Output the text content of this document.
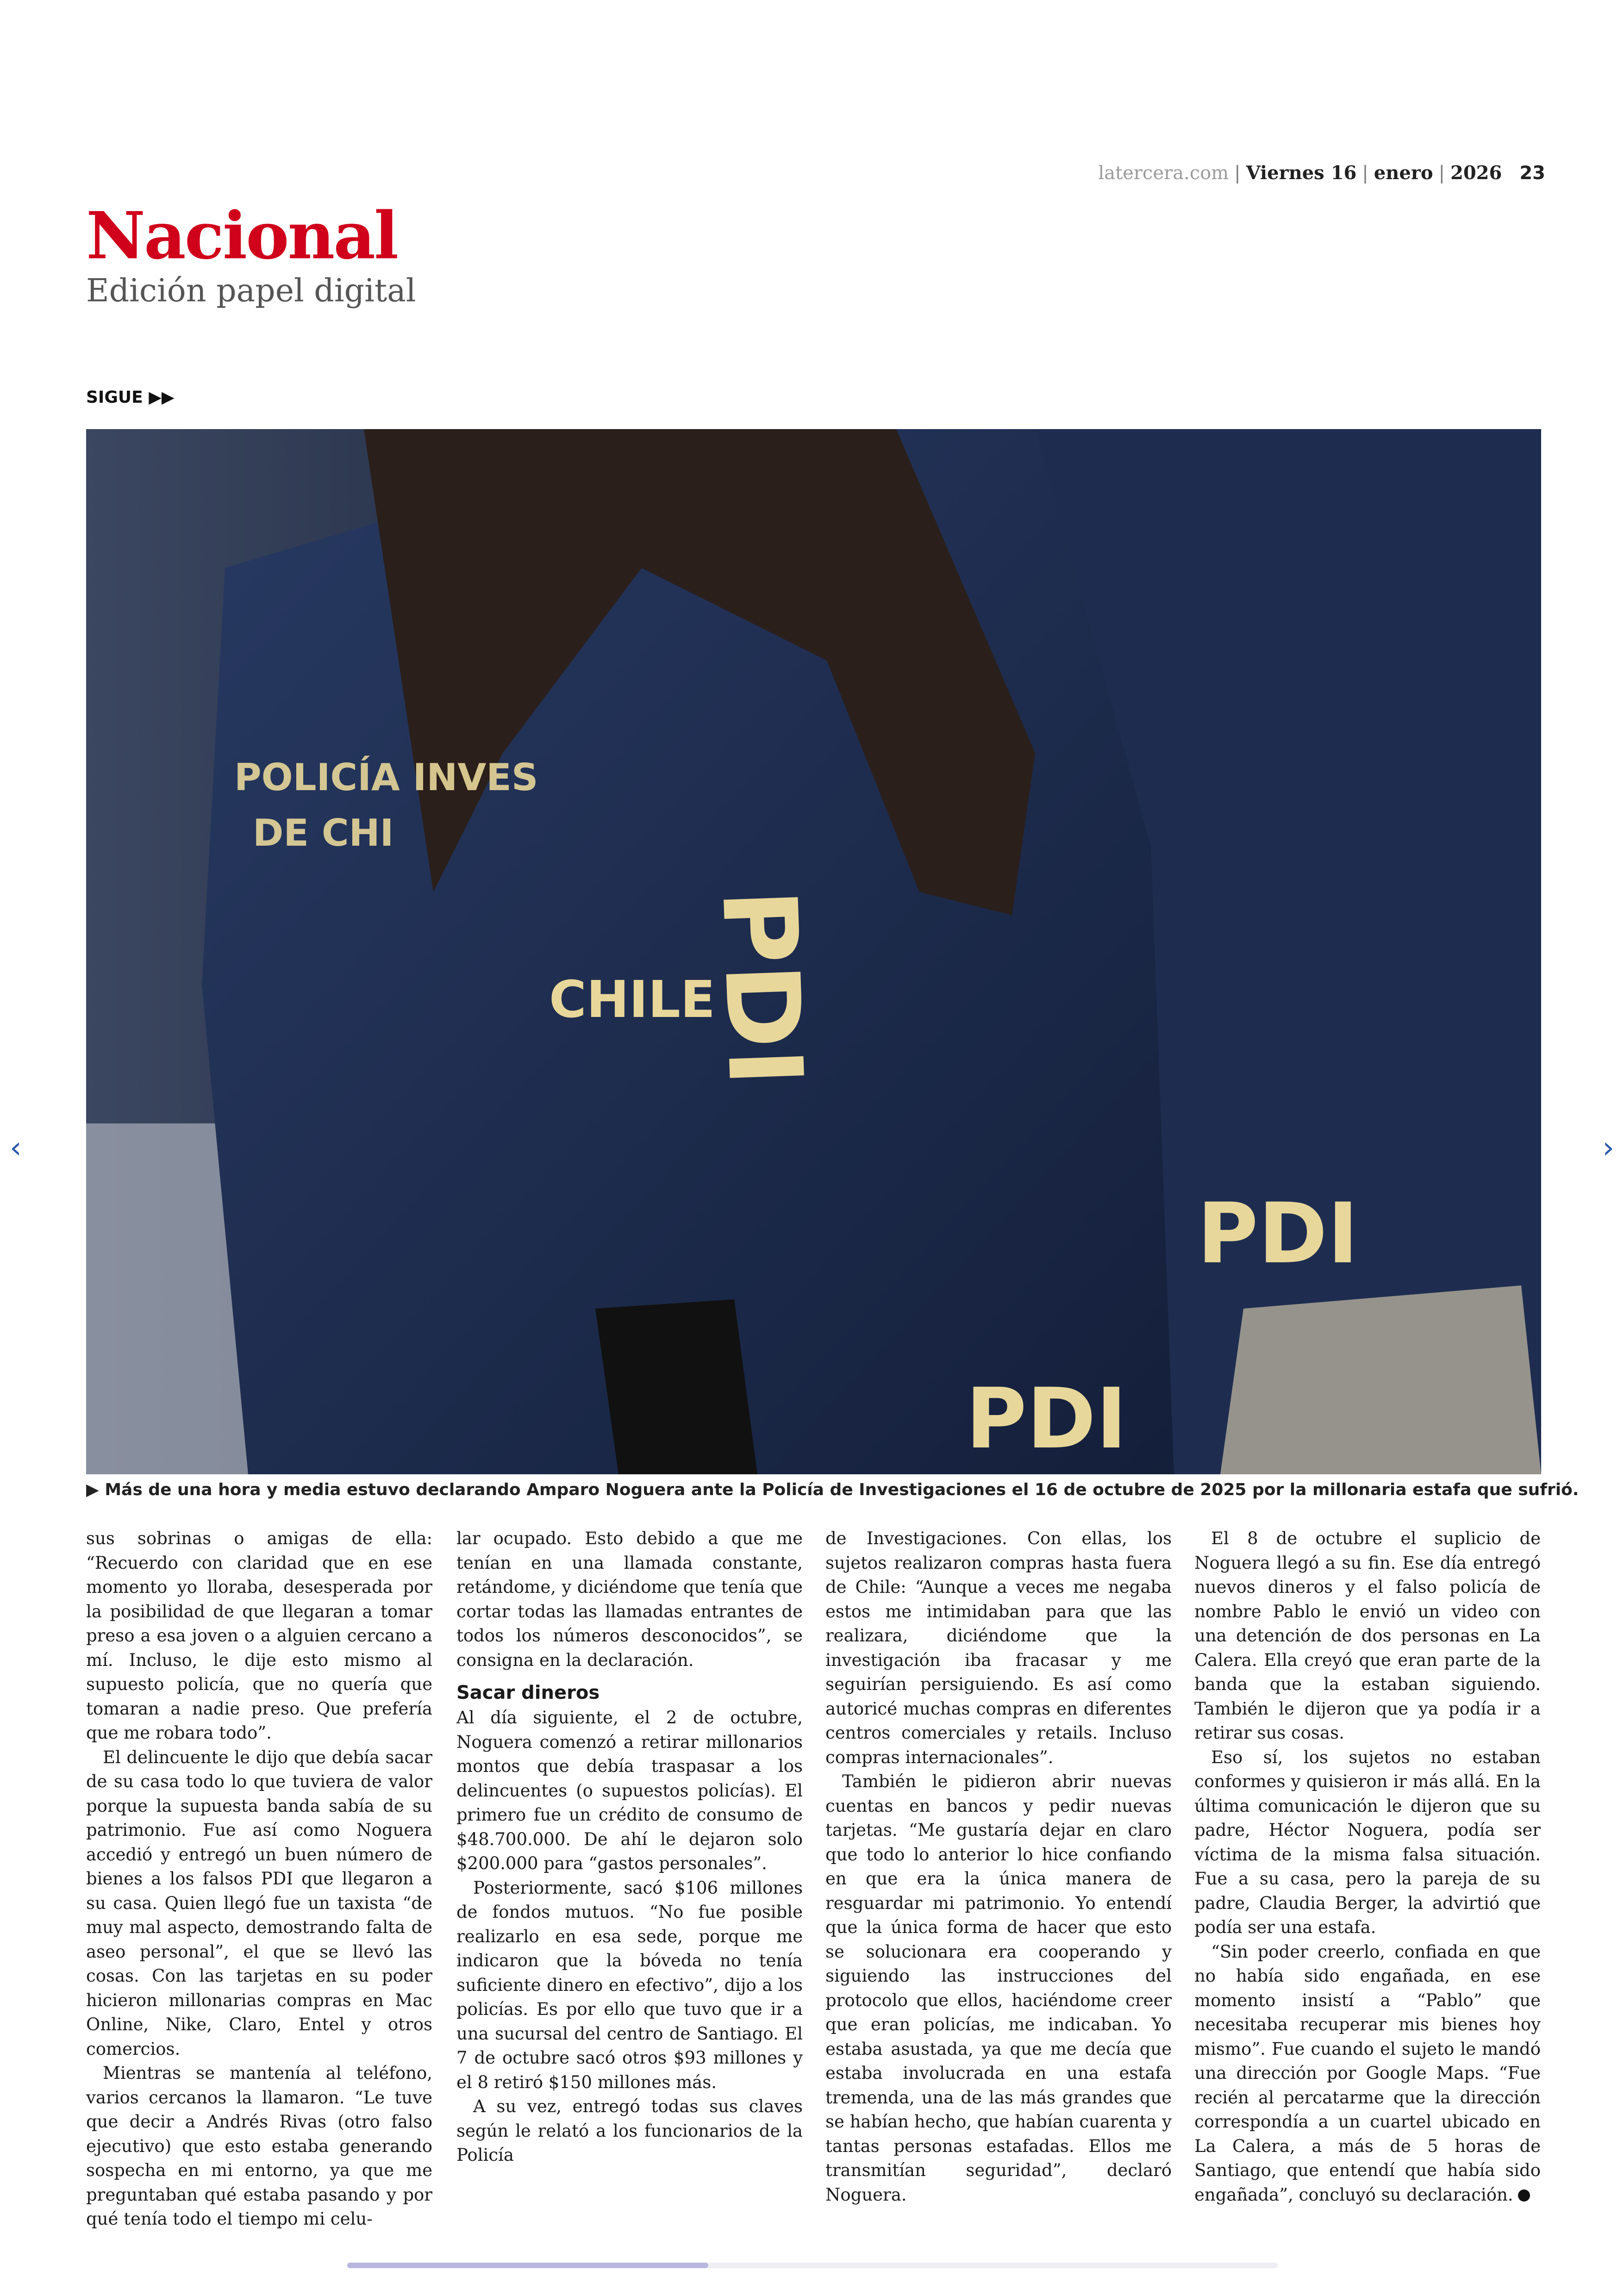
latercera.com | Viernes 16 | enero | 2026 23
Nacional
Edición papel digital
SIGUE ▶▶
PDI
CHILE
PDI
PDI
POLICÍA INVES
DE CHI
▶ Más de una hora y media estuvo declarando Amparo Noguera ante la Policía de Investigaciones el 16 de octubre de 2025 por la millonaria estafa que sufrió.
‹	›

sus sobrinas o amigas de ella: “Recuerdo con claridad que en ese momento yo lloraba, desesperada por la posibilidad de que llegaran a tomar preso a esa joven o a alguien cercano a mí. Incluso, le dije esto mismo al supuesto policía, que no quería que tomaran a nadie preso. Que prefería que me robara todo”.

El delincuente le dijo que debía sacar de su casa todo lo que tuviera de valor porque la supuesta banda sabía de su patrimonio. Fue así como Noguera accedió y entregó un buen número de bienes a los falsos PDI que llegaron a su casa. Quien llegó fue un taxista “de muy mal aspecto, demostrando falta de aseo personal”, el que se llevó las cosas. Con las tarjetas en su poder hicieron millonarias compras en Mac Online, Nike, Claro, Entel y otros comercios.

Mientras se mantenía al teléfono, varios cercanos la llamaron. “Le tuve que decir a Andrés Rivas (otro falso ejecutivo) que esto estaba generando sospecha en mi entorno, ya que me preguntaban qué estaba pasando y por qué tenía todo el tiempo mi celu-

lar ocupado. Esto debido a que me tenían en una llamada constante, retándome, y diciéndome que tenía que cortar todas las llamadas entrantes de todos los números desconocidos”, se consigna en la declaración.

Sacar dineros

Al día siguiente, el 2 de octubre, Noguera comenzó a retirar millonarios montos que debía traspasar a los delincuentes (o supuestos policías). El primero fue un crédito de consumo de $48.700.000. De ahí le dejaron solo $200.000 para “gastos personales”.

Posteriormente, sacó $106 millones de fondos mutuos. “No fue posible realizarlo en esa sede, porque me indicaron que la bóveda no tenía suficiente dinero en efectivo”, dijo a los policías. Es por ello que tuvo que ir a una sucursal del centro de Santiago. El 7 de octubre sacó otros $93 millones y el 8 retiró $150 millones más.

A su vez, entregó todas sus claves según le relató a los funcionarios de la Policía

de Investigaciones. Con ellas, los sujetos realizaron compras hasta fuera de Chile: “Aunque a veces me negaba estos me intimidaban para que las realizara, diciéndome que la investigación iba fracasar y me seguirían persiguiendo. Es así como autoricé muchas compras en diferentes centros comerciales y retails. Incluso compras internacionales”.

También le pidieron abrir nuevas cuentas en bancos y pedir nuevas tarjetas. “Me gustaría dejar en claro que todo lo anterior lo hice confiando en que era la única manera de resguardar mi patrimonio. Yo entendí que la única forma de hacer que esto se solucionara era cooperando y siguiendo las instrucciones del protocolo que ellos, haciéndome creer que eran policías, me indicaban. Yo estaba asustada, ya que me decía que estaba involucrada en una estafa tremenda, una de las más grandes que se habían hecho, que habían cuarenta y tantas personas estafadas. Ellos me transmitían seguridad”, declaró Noguera.

El 8 de octubre el suplicio de Noguera llegó a su fin. Ese día entregó nuevos dineros y el falso policía de nombre Pablo le envió un video con una detención de dos personas en La Calera. Ella creyó que eran parte de la banda que la estaban siguiendo. También le dijeron que ya podía ir a retirar sus cosas.

Eso sí, los sujetos no estaban conformes y quisieron ir más allá. En la última comunicación le dijeron que su padre, Héctor Noguera, podía ser víctima de la misma falsa situación. Fue a su casa, pero la pareja de su padre, Claudia Berger, la advirtió que podía ser una estafa.

“Sin poder creerlo, confiada en que no había sido engañada, en ese momento insistí a “Pablo” que necesitaba recuperar mis bienes hoy mismo”. Fue cuando el sujeto le mandó una dirección por Google Maps. “Fue recién al percatarme que la dirección correspondía a un cuartel ubicado en La Calera, a más de 5 horas de Santiago, que entendí que había sido engañada”, concluyó su declaración.
